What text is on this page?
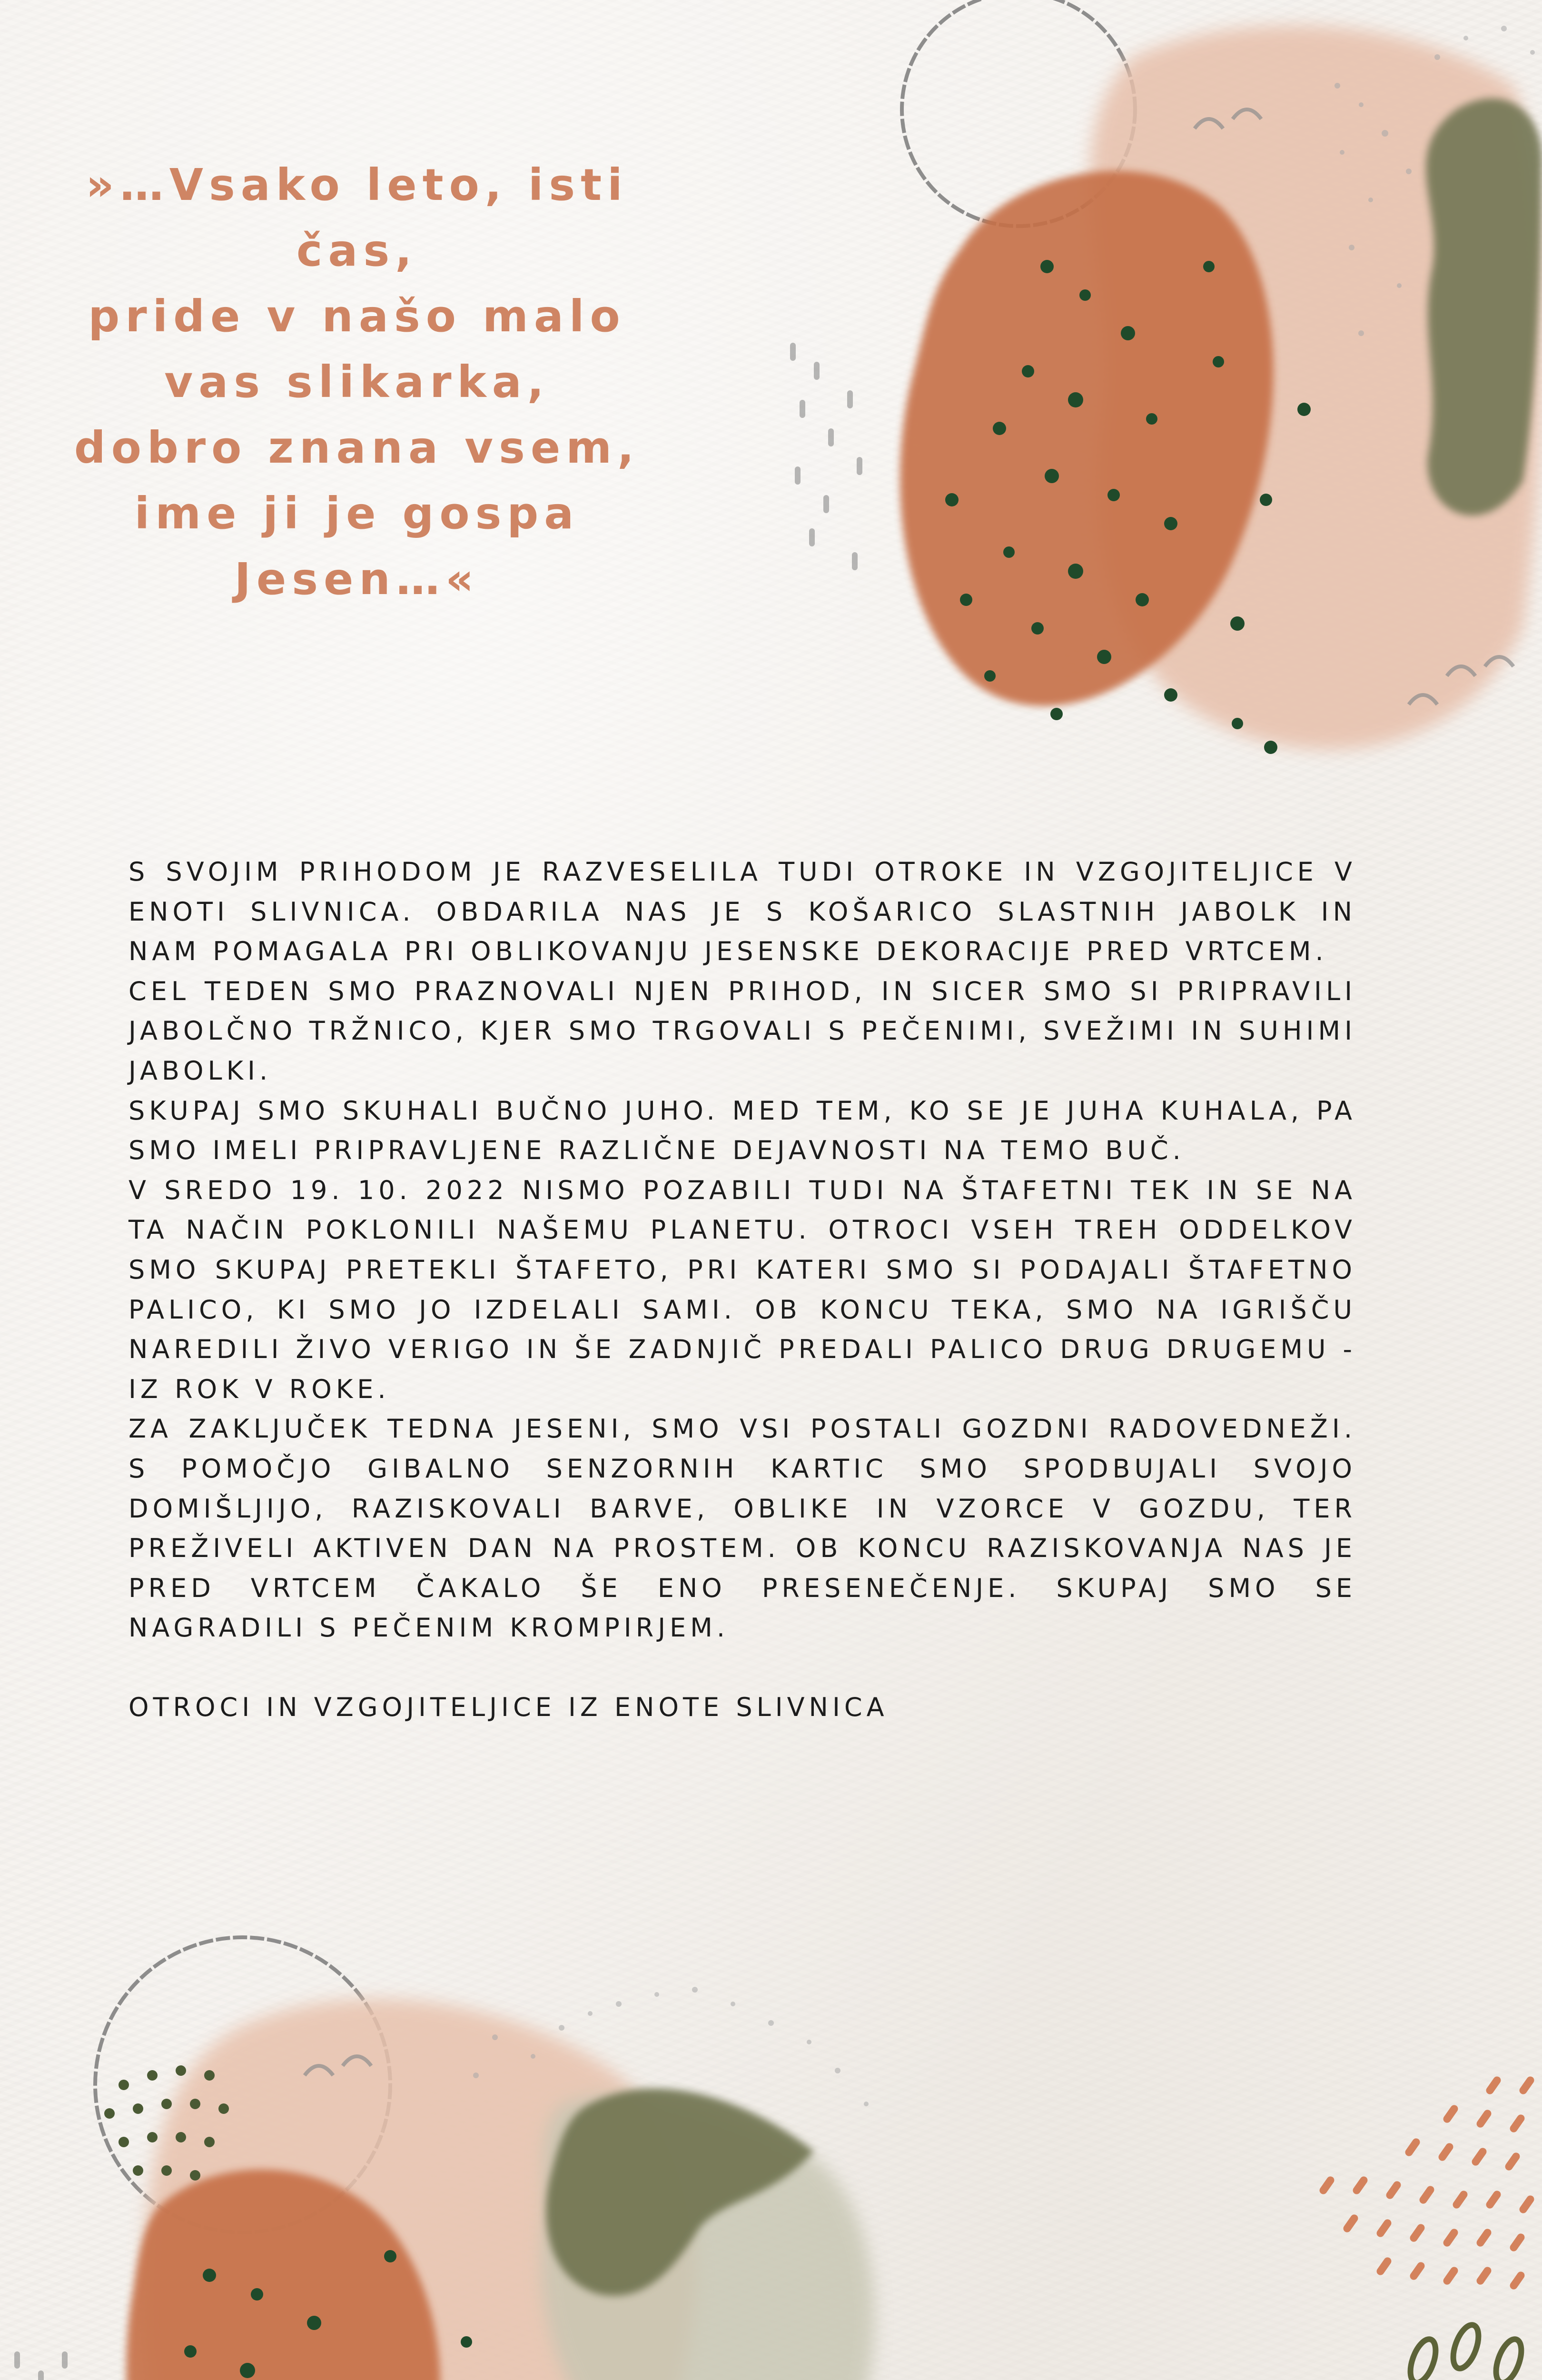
»…Vsako leto, isti
čas,
pride v našo malo
vas slikarka,
dobro znana vsem,
ime ji je gospa
Jesen…«

S SVOJIM PRIHODOM JE RAZVESELILA TUDI OTROKE IN VZGOJITELJICE V ENOTI SLIVNICA. OBDARILA NAS JE S KOŠARICO SLASTNIH JABOLK IN NAM POMAGALA PRI OBLIKOVANJU JESENSKE DEKORACIJE PRED VRTCEM.

CEL TEDEN SMO PRAZNOVALI NJEN PRIHOD, IN SICER SMO SI PRIPRAVILI JABOLČNO TRŽNICO, KJER SMO TRGOVALI S PEČENIMI, SVEŽIMI IN SUHIMI JABOLKI.

SKUPAJ SMO SKUHALI BUČNO JUHO. MED TEM, KO SE JE JUHA KUHALA, PA SMO IMELI PRIPRAVLJENE RAZLIČNE DEJAVNOSTI NA TEMO BUČ.

V SREDO 19. 10. 2022 NISMO POZABILI TUDI NA ŠTAFETNI TEK IN SE NA TA NAČIN POKLONILI NAŠEMU PLANETU. OTROCI VSEH TREH ODDELKOV SMO SKUPAJ PRETEKLI ŠTAFETO, PRI KATERI SMO SI PODAJALI ŠTAFETNO PALICO, KI SMO JO IZDELALI SAMI. OB KONCU TEKA, SMO NA IGRIŠČU NAREDILI ŽIVO VERIGO IN ŠE ZADNJIČ PREDALI PALICO DRUG DRUGEMU - IZ ROK V ROKE.

ZA ZAKLJUČEK TEDNA JESENI, SMO VSI POSTALI GOZDNI RADOVEDNEŽI. S POMOČJO GIBALNO SENZORNIH KARTIC SMO SPODBUJALI SVOJO DOMIŠLJIJO, RAZISKOVALI BARVE, OBLIKE IN VZORCE V GOZDU, TER PREŽIVELI AKTIVEN DAN NA PROSTEM. OB KONCU RAZISKOVANJA NAS JE PRED VRTCEM ČAKALO ŠE ENO PRESENEČENJE. SKUPAJ SMO SE NAGRADILI S PEČENIM KROMPIRJEM.

OTROCI IN VZGOJITELJICE IZ ENOTE SLIVNICA
